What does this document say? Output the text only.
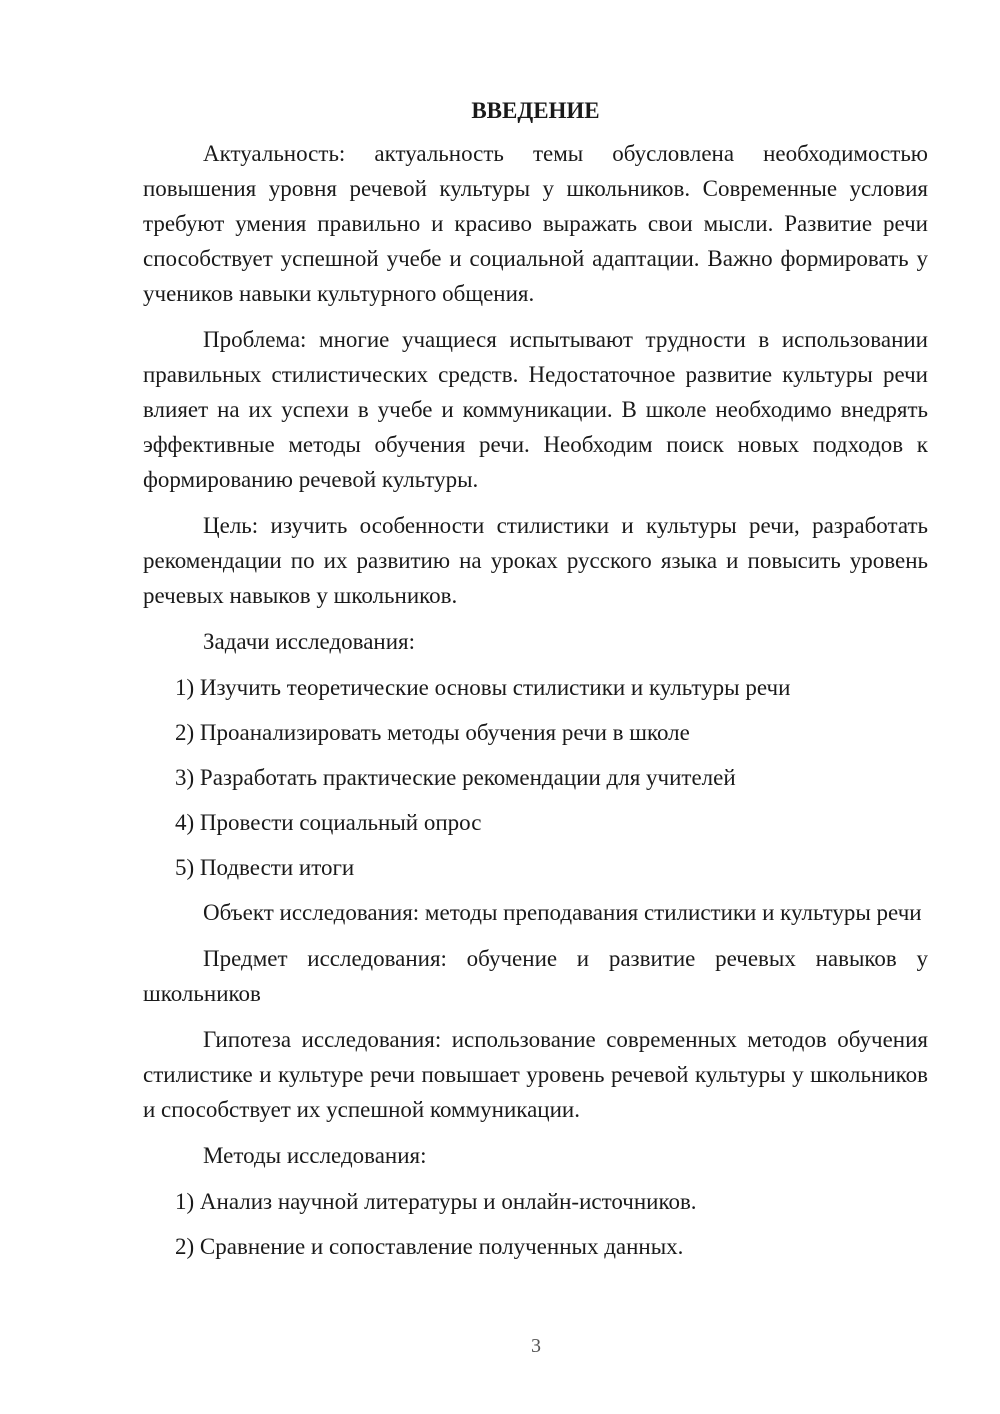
ВВЕДЕНИЕ
Актуальность: актуальность темы обусловлена необходимостью повышения уровня речевой культуры у школьников. Современные условия требуют умения правильно и красиво выражать свои мысли. Развитие речи способствует успешной учебе и социальной адаптации. Важно формировать у учеников навыки культурного общения.
Проблема: многие учащиеся испытывают трудности в использовании правильных стилистических средств. Недостаточное развитие культуры речи влияет на их успехи в учебе и коммуникации. В школе необходимо внедрять эффективные методы обучения речи. Необходим поиск новых подходов к формированию речевой культуры.
Цель: изучить особенности стилистики и культуры речи, разработать рекомендации по их развитию на уроках русского языка и повысить уровень речевых навыков у школьников.
Задачи исследования:
1) Изучить теоретические основы стилистики и культуры речи
2) Проанализировать методы обучения речи в школе
3) Разработать практические рекомендации для учителей
4) Провести социальный опрос
5) Подвести итоги
Объект исследования: методы преподавания стилистики и культуры речи
Предмет исследования: обучение и развитие речевых навыков у школьников
Гипотеза исследования: использование современных методов обучения стилистике и культуре речи повышает уровень речевой культуры у школьников и способствует их успешной коммуникации.
Методы исследования:
1) Анализ научной литературы и онлайн-источников.
2) Сравнение и сопоставление полученных данных.
3
